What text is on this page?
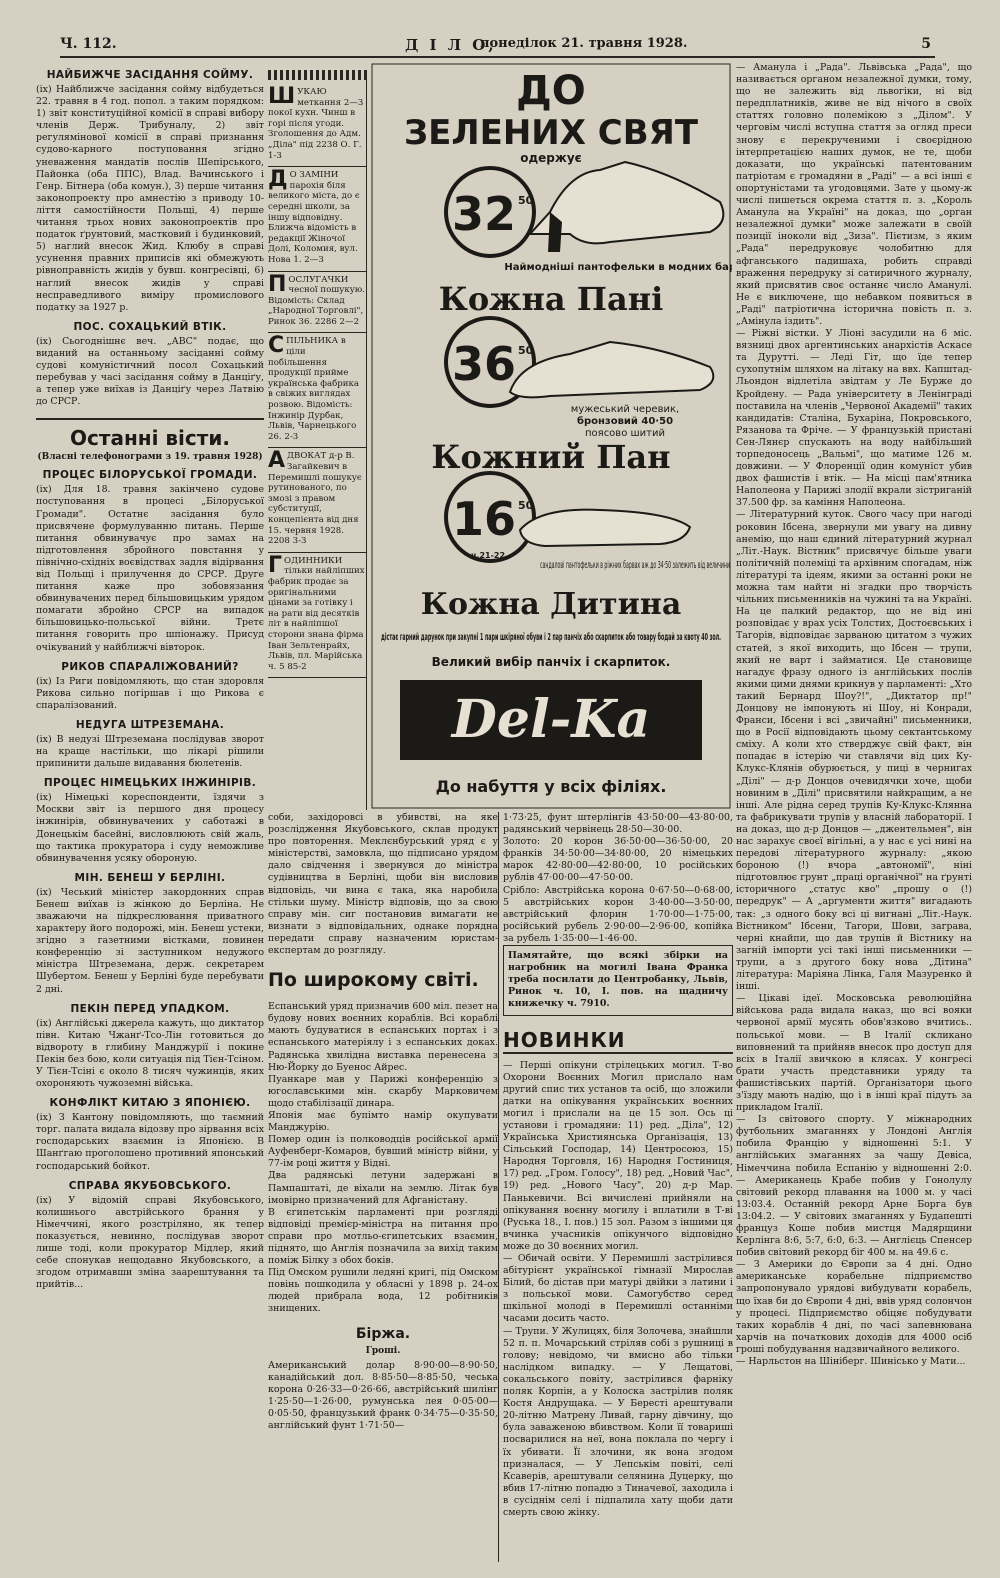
Ч. 112.	Д І Л О,
понеділок 21. травня 1928.	5
НАЙБИЖЧЕ ЗАСІДАННЯ СОЙМУ.

(іх) Найближче засідання сойму відбудеться 22. травня в 4 год. попол. з таким порядком: 1) звіт конституційної комісії в справі вибору членів Держ. Трибуналу, 2) звіт регулямінової комісії в справі признання судово-карного поступовання згідно уневаження мандатів послів Шепірського, Пайонка (оба ППС), Влад. Вачинського і Генр. Бітнера (оба комун.), 3) перше читання законопроекту про амнестію з приводу 10-ліття самостійности Польщі, 4) перше читання трьох нових законопроектів про податок ґрунтовий, мастковий і будинковий, 5) наглий внесок Жид. Клюбу в справі усунення правних приписів які обмежують рівноправність жидів у бувш. конгресівці, 6) наглий внесок жидів у справі несправедливого виміру промислового податку за 1927 р.

ПОС. СОХАЦЬКИЙ ВТІК.

(іх) Сьогоднішнє веч. „АВС" подає, що виданий на останньому засіданні сойму судові комуністичний посол Сохацький перебував у часі засідання сойму в Данціґу, а тепер уже виїхав із Данціґу через Латвію до СРСР.

Останні вісти.
(Власні телефонограми з 19. травня 1928)
ПРОЦЕС БІЛОРУСЬКОЇ ГРОМАДИ.

(іх) Для 18. травня закінчено судове поступовання в процесі „Білоруської Громади". Остатнє засідання було присвячене формулуванню питань. Перше питання обвинувачує про замах на підготовлення збройного повстання у північно-східніх воєвідствах задля відірвання від Польщі і прилучення до СРСР. Друге питання каже про зобовязання обвинувачених перед більшовицьким урядом помагати збройно СРСР на випадок більшовицько-польської війни. Третє питання говорить про шпіонажу. Присуд очікуваний у найближчі вівторок.

РИКОВ СПАРАЛІЖОВАНИЙ?

(іх) Із Риги повідомляють, що стан здоровля Рикова сильно погіршав і що Рикова є спаралізований.

НЕДУГА ШТРЕЗЕМАНА.

(іх) В недузі Штреземана послідував зворот на краще настільки, що лікарі рішили припинити дальше видавання бюлетенів.

ПРОЦЕС НІМЕЦЬКИХ ІНЖИНІРІВ.

(іх) Німецькі кореспонденти, їздячи з Москви звіт із першого дня процесу інжинірів, обвинувачених у саботажі в Донецькім басейні, висловлюють свій жаль, що тактика прокуратора і суду неможливе обвинувачення усяку обороную.

МІН. БЕНЕШ У БЕРЛІНІ.

(іх) Чеський міністер закордонних справ Бенеш виїхав із жінкою до Берліна. Не зважаючи на підкреслювання приватного характеру його подорожі, мін. Бенеш устеки, згідно з газетними вістками, повинен конференцію зі заступником недужого міністра Штреземана, держ. секретарем Шубертом. Бенеш у Берліні буде перебувати 2 дні.

ПЕКІН ПЕРЕД УПАДКОМ.

(іх) Англійські джерела кажуть, що диктатор півн. Китаю Чжанґ-Тсо-Лін готовиться до відвороту в глибину Манджурії і покине Пекін без бою, коли ситуація під Тієн-Тсіном. У Тієн-Тсіні є около 8 тисяч чужинців, яких охороняють чужоземні війська.

КОНФЛІКТ КИТАЮ З ЯПОНІЄЮ.

(іх) З Кантону повідомляють, що таємний торг. палата видала відозву про зірвання всіх господарських взаємин із Японією. В Шанґгаю проголошено противний японський господарський бойкот.

СПРАВА ЯКУБОВСЬКОГО.

(іх) У відомій справі Якубовського, колишнього австрійського брання у Німеччині, якого розстріляно, як тепер показується, невинно, послідував зворот лише тоді, коли прокуратор Мідлер, який себе спонукав нещодавно Якубовського, а згодом отримавши зміна заарештування та прийтів...

ШУКАЮ меткання 2—3 покої кухн. Чинш в горі після угоди. Зголошення до Адм. „Діла" під 2238 О. Г. 1-3

ДО ЗАМІНИ парохія біля великого міста, до є середні школи, за іншу відповідну. Ближча відомість в редакції Жіночої Долі, Коломия, вул. Нова 1. 2—3

ПОСЛУГАЧКИ чесної пошукую. Відомість: Склад „Народної Торговлі", Ринок 36. 2286 2—2

СПІЛЬНИКА в ціли побільшення продукції прийме українська фабрика в свіжих виглядах розвою. Відомість: Інжинір Дурбак, Львів, Чарнецького 26. 2-3

АДВОКАТ д-р В. Загайкевич в Перемишлі пошукує рутинованого, по змозі з правом субституції, концепієнта від дня 15. червня 1928. 2208 3-3

ГОДИННИКИ тільки найліпших фабрик продає за оригінальними цінами за готівку і на рати від десятків літ в найліпшої сторони знана фірма Іван Зельтенрайх, Львів, пл. Марійська ч. 5 85-2

ДО
ЗЕЛЕНИХ СВЯТ
одержує
32 50
Наймодніші пантофельки в модних барвах
Кожна Пані
36 50
мужеський черевик,
бронзовий 40·50
поясово шитий
Кожний Пан
16 50
ч.21-22
сандалові пантофельки в ріжних барвах аж до 34·50 залежить від величини
Кожна Дитина
дістає гарний дарунок при закупні 1 пари шкіряної обуви і 2 пар панчіх або скарпиток або товару бодай за квоту 40 зол.
Великий вибір панчіх і скарпиток.
Del-Ka
До набуття у всіх філіях.

соби, західоровсі в убивстві, на яке розслідження Якубовського, склав продукт про повторення. Меклєнбурський уряд є у міністерстві, замовкла, що підписано урядом дало свідчення і звернувся до міністра судівництва в Берліні, щоби він висловив відповідь, чи вина є така, яка наробила стільки шуму. Міністр відповів, що за свою справу мін. сиг постановив вимагати не визнати з відповідальних, однаке порядна передати справу назначеним юристам-експертам до розгляду.

По широкому світі.

Еспанський уряд призначив 600 міл. пезет на будову нових воєнних кораблів. Всі кораблі мають будуватися в еспанських портах і з еспанського матеріялу і з еспанських доках. Радянська хвилідна виставка перенесена з Ню-Йорку до Буенос Айрес.

Пуанкаре мав у Парижі конференцію з югославськими мін. скарбу Марковичем щодо стабілізації динара.

Японія має бупімто намір окупувати Манджурію.

Помер один із полководців російської армії Ауфенберг-Комаров, бувший міністр війни, у 77-ім році життя у Відні.

Два радянські летуни задержані в Пампаштаті, де віхали на землю. Літак був імовірно призначений для Афганістану.

В єгипетськім парламенті при розгляді відповіді премієр-міністра на питання про справи про мотльо-єгипетських взаємин, піднято, що Англія позначила за вихід таким поміж Білку з обох боків.

Під Омском рушили ледяні кригі, під Омском повінь пошкодила у обласні у 1898 р. 24-ох людей прибрала вода, 12 робітників знищених.

Біржа.
Гроші.

Американський долар 8·90·00—8·90·50, канадійський дол. 8·85·50—8·85·50, чеська корона 0·26·33—0·26·66, австрійський шилінг 1·25·50—1·26·00, румунська лея 0·05·00—0·05·50, французький франк 0·34·75—0·35·50, англійський фунт 1·71·50—

1·73·25, фунт штерлінгів 43·50·00—43·80·00, радянський червінець 28·50—30·00.

Золото: 20 корон 36·50·00—36·50·00, 20 франків 34·50·00—34·80·00, 20 німецьких марок 42·80·00—42·80·00, 10 російських рублів 47·00·00—47·50·00.

Срібло: Австрійська корона 0·67·50—0·68·00, 5 австрійських корон 3·40·00—3·50·00, австрійський флорин 1·70·00—1·75·00, російський рубель 2·90·00—2·96·00, копійка за рубель 1·35·00—1·46·00.

Памятайте, що всякі збірки на нагробник на могилі Івана Франка треба посилати до Центробанку, Львів, Ринок ч. 10, І. пов. на щадничу книжечку ч. 7910.

НОВИНКИ

— Перші опікуни стрілецьких могил. Т-во Охорони Воєнних Могил прислало нам другий спис тих установ та осіб, що зложили датки на опікування українських воєнних могил і прислали на це 15 зол. Ось ці установи і громадяни: 11) ред. „Діла", 12) Українська Християнська Організація, 13) Сільський Господар, 14) Центросоюз, 15) Народня Торговля, 16) Народня Гостиниця, 17) ред. „Гром. Голосу", 18) ред. „Новий Час", 19) ред. „Нового Часу", 20) д-р Мар. Панькевичи. Всі вичислені прийняли на опікування воєнну могилу і вплатили в Т-ві (Руська 18., І. пов.) 15 зол. Разом з іншими ця вчинка учасників опікунчого відповідно може до 30 воєнних могил.

— Обичай освіти. У Перемишлі застрілився абітурієнт української гімназії Мирослав Білий, бо дістав при матурі двійки з латини і з польської мови. Самогубство серед шкільної молоді в Перемишлі останніми часами досить часто.

— Трупи. У Жулицях, біля Золочева, знайшли 52 п. п. Мочарський стріляв собі з рушниці в голову; невідомо, чи вмисно або тільки наслідком випадку. — У Лещатові, сокальського повіту, застрілився фарніку поляк Корпін, а у Колоска застрілив поляк Костя Андрущака. — У Бересті арештували 20-літню Матрену Ливай, гарну дівчину, що була заваженою вбивством. Коли її товариші посварилися на неї, вона поклала по чергу і їх убивати. Її злочини, як вона згодом призналася, — У Лепськім повіті, селі Ксаверів, арештували селянина Дуцерку, що вбив 17-літню попадю з Тиначевої, заходила і в сусіднім селі і підпалила хату щоби дати смерть свою жінку.

— Аманула і „Рада". Львівська „Рада", що називається органом незалежної думки, тому, що не залежить від львогіки, ні від передплатників, живе не від нічого в своїх статтях головно полемікою з „Ділом". У черговім числі вступна стаття за огляд преси знову є перекрученими і своєрідною інтерпретацією наших думок, не те, щоби доказати, що українські патентованим патріотам є громадяни в „Раді" — а всі інші є опортуністами та угодовцями. Зате у цьому-ж числі пишеться окрема стаття п. з. „Король Аманула на Україні" на доказ, що „орган незалежної думки" може залежати в своїй позиції іноколи від „Зиза". Пієтизм, з яким „Рада" передруковує чолобитню для афганського падишаха, робить справді враження передруку зі сатиричного журналу, який присвятив своє останнє число Аманулі. Не є виключене, що небавком появиться в „Раді" патріотична історична повість п. з. „Амінула іздить".

— Ріжні вістки. У Ліоні засудили на 6 міс. вязниці двох аргентинських анархістів Аскасе та Дурутті. — Леді Гіт, що їде тепер сухопутнім шляхом на літаку на ввх. Капштад-Льондон відлетіла звідтам у Ле Бурже до Кройдену. — Рада університету в Ленінграді поставила на членів „Червоної Академії" таких кандидатів: Сталіна, Бухаріна, Покровського, Рязанова та Фріче. — У французькій пристані Сен-Лянєр спускають на воду найбільший торпедоносець „Вальмі", що матиме 126 м. довжини. — У Флоренції один комуніст убив двох фашистів і втік. — На місці пам'ятника Наполеона у Парижі злодії вкрали зістриганій 37.500 фр. за каміння Наполеона.

— Літературний куток. Свого часу при нагоді роковин Ібсена, звернули ми увагу на дивну анемію, що наш єдиний літературний журнал „Літ.-Наук. Вістник" присвячує більше уваги політичній полеміці та архівним спогадам, ніж літературі та ідеям, якими за останні роки не можна там найти ні згадки про творчість чільних письменників на чужині та на Україні. На це палкий редактор, що не від ині розповідає у врах усіх Толстих, Достоєвських і Тагорів, відповідає зарваною цитатом з чужих статей, з якої виходить, що Ібсен — трупи, який не варт і займатися. Це становище нагадує фразу одного із англійських послів якими цими днями крикнув у парламенті: „Хто такий Бернард Шоу?!", „Диктатор пр!" Донцову не імпонують ні Шоу, ні Конради, Франси, Ібсени і всі „звичайні" письменники, що в Росії відповідають цьому сектантському сміху. А коли хто стверджує свій факт, він попадає в істерію чи ставлячи від цих Ку-Клукс-Клянів обурюється, у пиці в чернигах „Ділі" — д-р Донцов очевидячки хоче, щоби новиним в „Ділі" присвятили найкращим, а не інші. Але рідна серед трупів Ку-Клукс-Клянна та фабрикувати трупів у власній лабораторії. І на доказ, що д-р Донцов — „джентельмен", він нас зарахує своєї вігільні, а у нас є усі нині на передові літературного журналу: „якою бороною (!) вчора „автономії", ніні підготовлює грунт „праці органічної" на ґрунті історичного „статус кво" „прошу о (!) передрук" — А „аргументи життя" вигадають так: „з одного боку всі ці вигнані „Літ.-Наук. Вістником" Ібсени, Тагори, Шови, заграва, черні кнайпи, що дав трупів й Вістнику на загній імпорти усі такі інші письменники — трупи, а з другого боку нова „Дітина" література: Маріяна Лінка, Галя Мазуренко й інші.

— Цікаві ідеї. Московська революційна військова рада видала наказ, що всі вояки червоної армії мусять обов'язково вчитись.. польської мови. — В Італії скликано виповнений та прийняв внесок про доступ для всіх в Італії звичкою в клясах. У конгресі брати участь представники уряду та фашистівських партій. Організатори цього з'їзду мають надію, що і в інші краї підуть за прикладом Італії.

— Із світового спорту. У міжнародних футбольних змаганнях у Лондоні Англія побила Францію у відношенні 5:1. У англійських змаганнях за чашу Девіса, Німеччина побила Еспанію у відношенні 2:0. — Американець Крабе побив у Гонолулу світовий рекорд плавання на 1000 м. у часі 13:03.4. Останній рекорд Арне Борга був 13:04.2. — У світових змаганнях у Будапешті француз Коше побив мистця Мадярщини Керлінга 8:6, 5:7, 6:0, 6:3. — Англієць Спенсер побив світовий рекорд біг 400 м. на 49.6 с.

— З Америки до Європи за 4 дні. Одно американське корабельне підприємство запропонувало урядові вибудувати корабель, що їхав би до Європи 4 дні, ввів уряд солончон у процесі. Підприємство обіцяє побудувати таких кораблів 4 дні, по часі запевнювана харчів на початкових доходів для 4000 осіб гроші побудування надзвичайного великого.

— Нарльстон на Шініберг. Шинісько у Мати...
